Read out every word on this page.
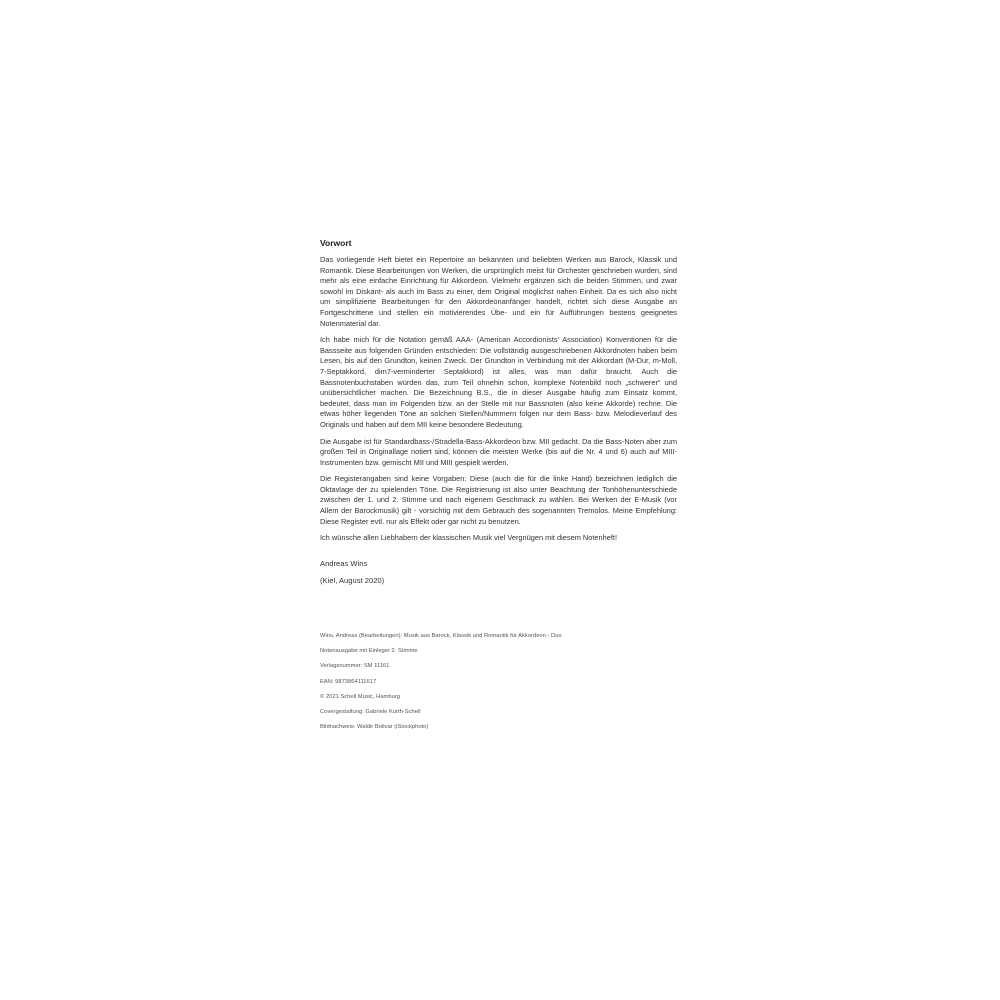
Vorwort

Das vorliegende Heft bietet ein Repertoire an bekannten und beliebten Werken aus Barock, Klassik und Romantik. Diese Bearbeitungen von Werken, die ursprünglich meist für Orchester geschrieben wurden, sind mehr als eine einfache Einrichtung für Akkordeon. Vielmehr ergänzen sich die beiden Stimmen, und zwar sowohl im Diskant- als auch im Bass zu einer, dem Original möglichst nahen Einheit. Da es sich also nicht um simplifizierte Bearbeitungen für den Akkordeonanfänger handelt, richtet sich diese Ausgabe an Fortgeschrittene und stellen ein motivierendes Übe- und ein für Aufführungen bestens geeignetes Notenmaterial dar.

Ich habe mich für die Notation gemäß AAA- (American Accordionists' Association) Konventionen für die Bassseite aus folgenden Gründen entschieden: Die vollständig ausgeschriebenen Akkordnoten haben beim Lesen, bis auf den Grundton, keinen Zweck. Der Grundton in Verbindung mit der Akkordart (M-Dur, m-Moll, 7-Septakkord, dim7-verminderter Septakkord) ist alles, was man dafür braucht. Auch die Bassnotenbuchstaben würden das, zum Teil ohnehin schon, komplexe Notenbild noch „schwerer“ und unübersichtlicher machen. Die Bezeichnung B.S., die in dieser Ausgabe häufig zum Einsatz kommt, bedeutet, dass man im Folgenden bzw. an der Stelle mit nur Bassnoten (also keine Akkorde) rechne. Die etwas höher liegenden Töne an solchen Stellen/Nummern folgen nur dem Bass- bzw. Melodieverlauf des Originals und haben auf dem MII keine besondere Bedeutung.

Die Ausgabe ist für Standardbass-/Stradella-Bass-Akkordeon bzw. MII gedacht. Da die Bass-Noten aber zum großen Teil in Originallage notiert sind, können die meisten Werke (bis auf die Nr. 4 und 6) auch auf MIII-Instrumenten bzw. gemischt MII und MIII gespielt werden.

Die Registerangaben sind keine Vorgaben: Diese (auch die für die linke Hand) bezeichnen lediglich die Oktavlage der zu spielenden Töne. Die Registrierung ist also unter Beachtung der Tonhöhenunterschiede zwischen der 1. und 2. Stimme und nach eigenem Geschmack zu wählen. Bei Werken der E-Musik (vor Allem der Barockmusik) gilt - vorsichtig mit dem Gebrauch des sogenannten Tremolos. Meine Empfehlung: Diese Register evtl. nur als Effekt oder gar nicht zu benutzen.

Ich wünsche allen Liebhabern der klassischen Musik viel Vergnügen mit diesem Notenheft!

Andreas Wins

(Kiel, August 2020)

Wins, Andreas (Bearbeitungen): Musik aus Barock, Klassik und Romantik für Akkordeon - Duo

Notenausgabe mit Einleger 2. Stimme

Verlagsnummer: SM 11161

EAN: 9873864111617

© 2021 Schell Music, Hamburg

Covergestaltung: Gabriele Kurth-Schell

Bildnachweis: Waldir Bolivar (iStockphoto)
